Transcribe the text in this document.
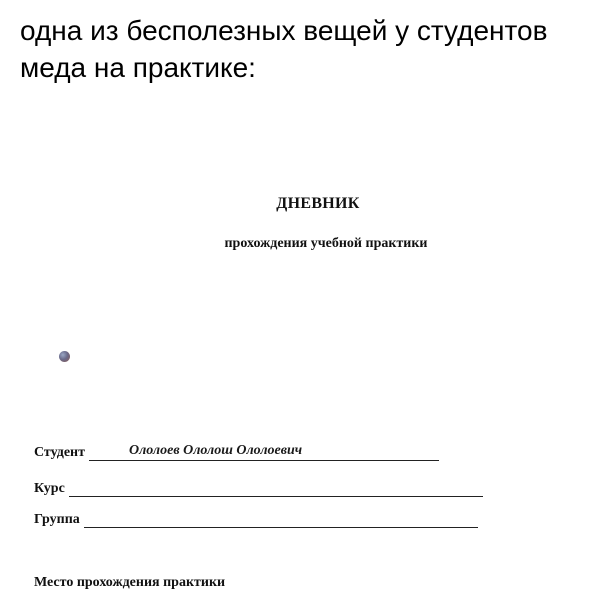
одна из бесполезных вещей у студентов
меда на практике:
ДНЕВНИК
прохождения учебной практики
Студент	Ололоев Ололош Ололоевич
Курс
Группа
Место прохождения практики
